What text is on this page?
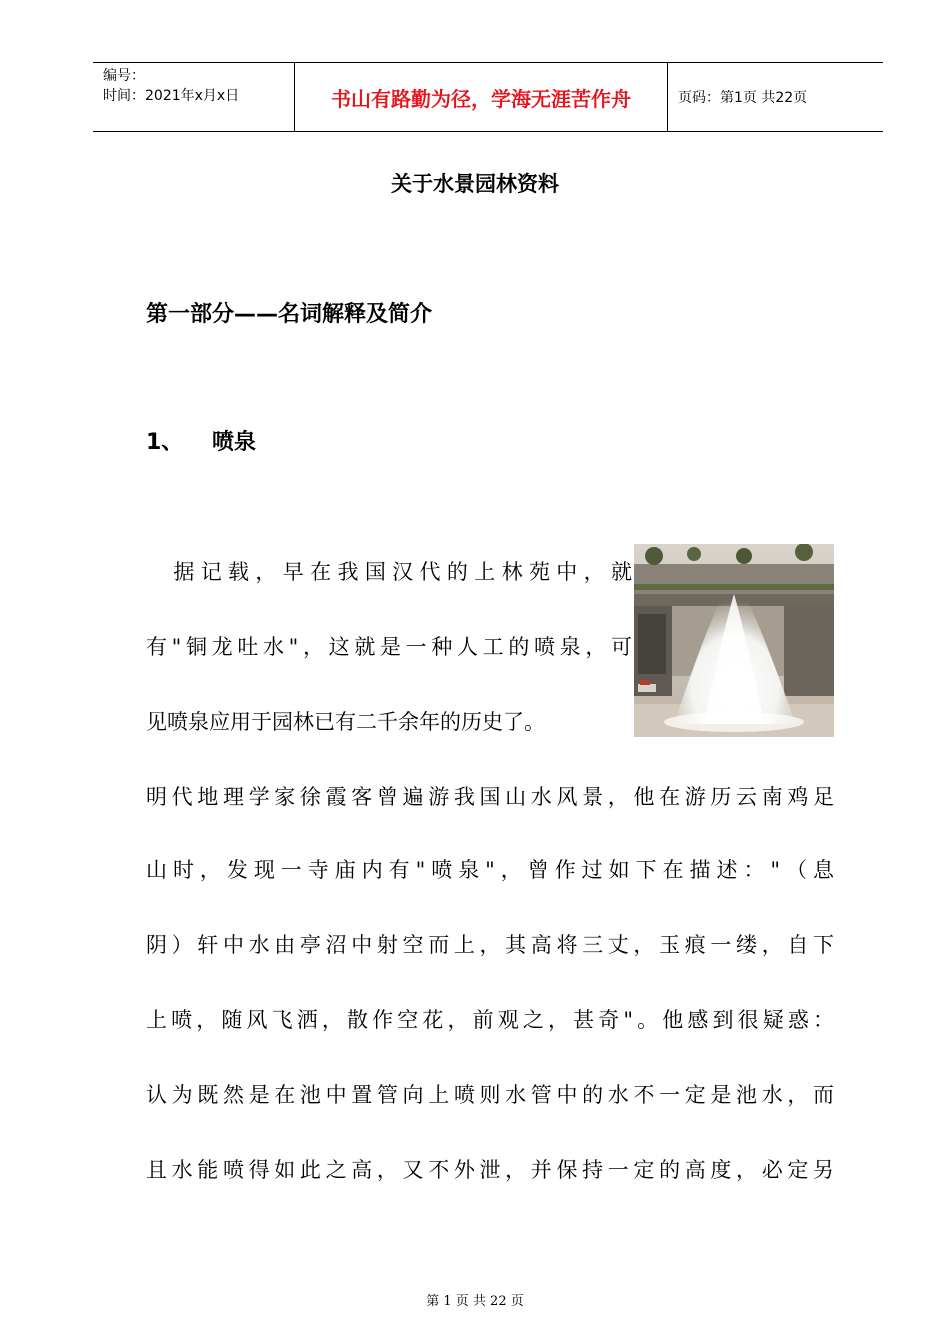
编号：
时间：2021年x月x日	书山有路勤为径，学海无涯苦作舟	页码：第1页 共22页
关于水景园林资料
第一部分——名词解释及简介
1、 喷泉
　据记载，早在我国汉代的上林苑中，就
有"铜龙吐水"，这就是一种人工的喷泉，可
见喷泉应用于园林已有二千余年的历史了。
明代地理学家徐霞客曾遍游我国山水风景，他在游历云南鸡足
山时，发现一寺庙内有"喷泉"，曾作过如下在描述："（息
阴）轩中水由亭沼中射空而上，其高将三丈，玉痕一缕，自下
上喷，随风飞洒，散作空花，前观之，甚奇"。他感到很疑惑：
认为既然是在池中置管向上喷则水管中的水不一定是池水，而
且水能喷得如此之高，又不外泄，并保持一定的高度，必定另
第 1 页 共 22 页
